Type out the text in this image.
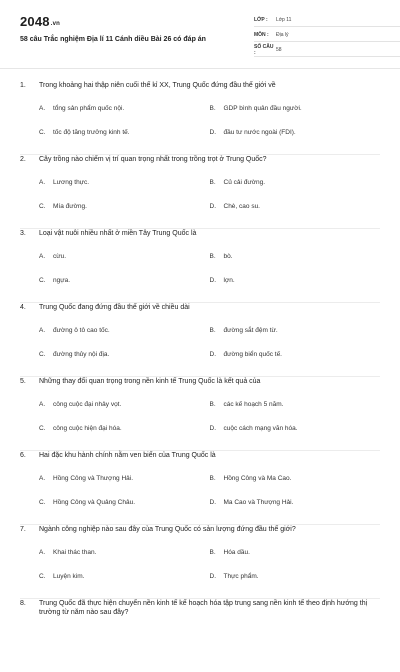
2048.vn
58 câu Trắc nghiệm Địa lí 11 Cánh diều Bài 26 có đáp án
LỚP :	Lớp 11
MÔN :	Địa lý
SỐ CÂU :	58
1.	Trong khoảng hai thập niên cuối thế kỉ XX, Trung Quốc đứng đầu thế giới về
A.	tổng sản phẩm quốc nội.	B.	GDP bình quân đầu người.
C.	tốc độ tăng trưởng kinh tế.	D.	đầu tư nước ngoài (FDI).
2.	Cây trồng nào chiếm vị trí quan trọng nhất trong trồng trọt ở Trung Quốc?
A.	Lương thực.	B.	Củ cải đường.
C.	Mía đường.	D.	Chè, cao su.
3.	Loại vật nuôi nhiều nhất ở miền Tây Trung Quốc là
A.	cừu.	B.	bò.
C.	ngựa.	D.	lợn.
4.	Trung Quốc đang đứng đầu thế giới về chiều dài
A.	đường ô tô cao tốc.	B.	đường sắt đệm từ.
C.	đường thủy nội địa.	D.	đường biển quốc tế.
5.	Những thay đổi quan trọng trong nền kinh tế Trung Quốc là kết quả của
A.	công cuộc đại nhảy vọt.	B.	các kế hoạch 5 năm.
C.	công cuộc hiện đại hóa.	D.	cuộc cách mạng văn hóa.
6.	Hai đặc khu hành chính nằm ven biển của Trung Quốc là
A.	Hồng Công và Thượng Hải.	B.	Hồng Công và Ma Cao.
C.	Hồng Công và Quảng Châu.	D.	Ma Cao và Thượng Hải.
7.	Ngành công nghiệp nào sau đây của Trung Quốc có sản lượng đứng đầu thế giới?
A.	Khai thác than.	B.	Hóa dầu.
C.	Luyện kim.	D.	Thực phẩm.
8.	Trung Quốc đã thực hiện chuyển nền kinh tế kế hoạch hóa tập trung sang nền kinh tế theo định hướng thị trường từ năm nào sau đây?
